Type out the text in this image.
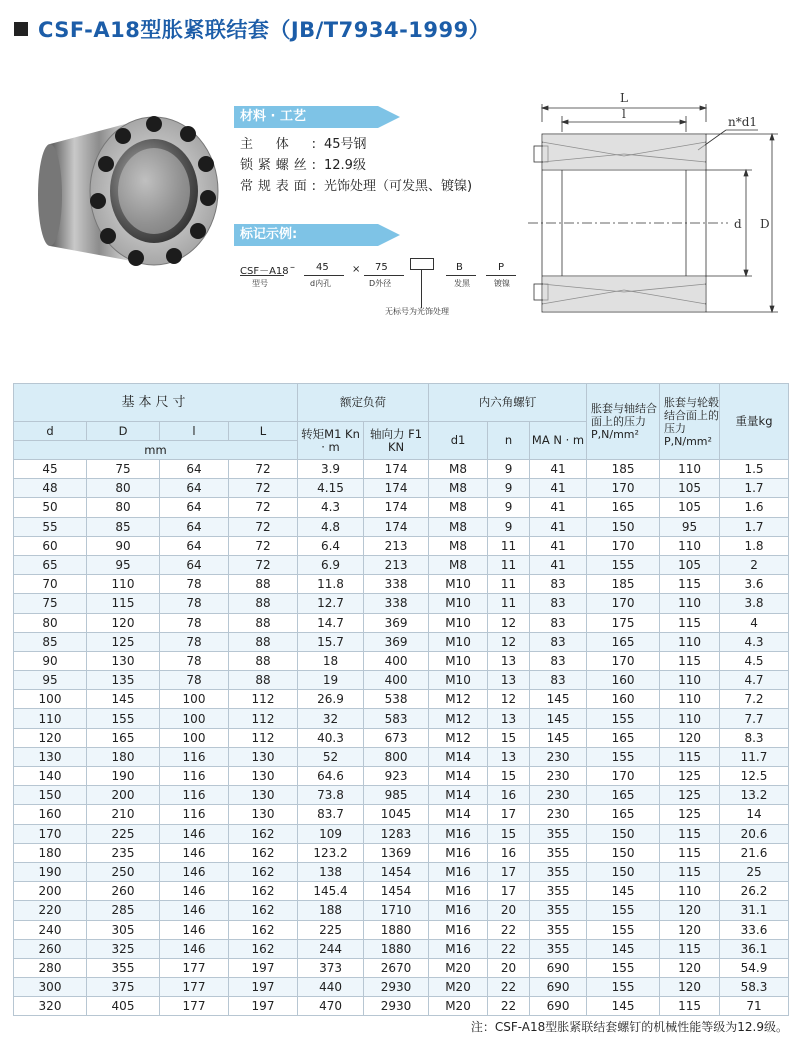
CSF-A18型胀紧联结套（JB/T7934-1999）
材料 · 工艺
主体: 45号钢
锁紧螺丝: 12.9级
常规表面: 光饰处理（可发黑、镀镍)
标记示例:
CSF－A18 –
型号
45
d内孔
× 75
D外径
B
发黑
P
镀镍
无标号为光饰处理
L
l
n*d1
d D
基本尺寸				额定负荷		内六角螺钉			胀套与轴结合面上的压力 P,N/mm²	胀套与轮毂结合面上的压力 P,N/mm²	重量kg
d	D	l	L	转矩M1 Kn · m	轴向力 F1 KN	d1	n	MA N · m			
mm											
45	75	64	72	3.9	174	M8	9	41	185	110	1.5
48	80	64	72	4.15	174	M8	9	41	170	105	1.7
50	80	64	72	4.3	174	M8	9	41	165	105	1.6
55	85	64	72	4.8	174	M8	9	41	150	95	1.7
60	90	64	72	6.4	213	M8	11	41	170	110	1.8
65	95	64	72	6.9	213	M8	11	41	155	105	2
70	110	78	88	11.8	338	M10	11	83	185	115	3.6
75	115	78	88	12.7	338	M10	11	83	170	110	3.8
80	120	78	88	14.7	369	M10	12	83	175	115	4
85	125	78	88	15.7	369	M10	12	83	165	110	4.3
90	130	78	88	18	400	M10	13	83	170	115	4.5
95	135	78	88	19	400	M10	13	83	160	110	4.7
100	145	100	112	26.9	538	M12	12	145	160	110	7.2
110	155	100	112	32	583	M12	13	145	155	110	7.7
120	165	100	112	40.3	673	M12	15	145	165	120	8.3
130	180	116	130	52	800	M14	13	230	155	115	11.7
140	190	116	130	64.6	923	M14	15	230	170	125	12.5
150	200	116	130	73.8	985	M14	16	230	165	125	13.2
160	210	116	130	83.7	1045	M14	17	230	165	125	14
170	225	146	162	109	1283	M16	15	355	150	115	20.6
180	235	146	162	123.2	1369	M16	16	355	150	115	21.6
190	250	146	162	138	1454	M16	17	355	150	115	25
200	260	146	162	145.4	1454	M16	17	355	145	110	26.2
220	285	146	162	188	1710	M16	20	355	155	120	31.1
240	305	146	162	225	1880	M16	22	355	155	120	33.6
260	325	146	162	244	1880	M16	22	355	145	115	36.1
280	355	177	197	373	2670	M20	20	690	155	120	54.9
300	375	177	197	440	2930	M20	22	690	155	120	58.3
320	405	177	197	470	2930	M20	22	690	145	115	71
注：CSF-A18型胀紧联结套螺钉的机械性能等级为12.9级。
